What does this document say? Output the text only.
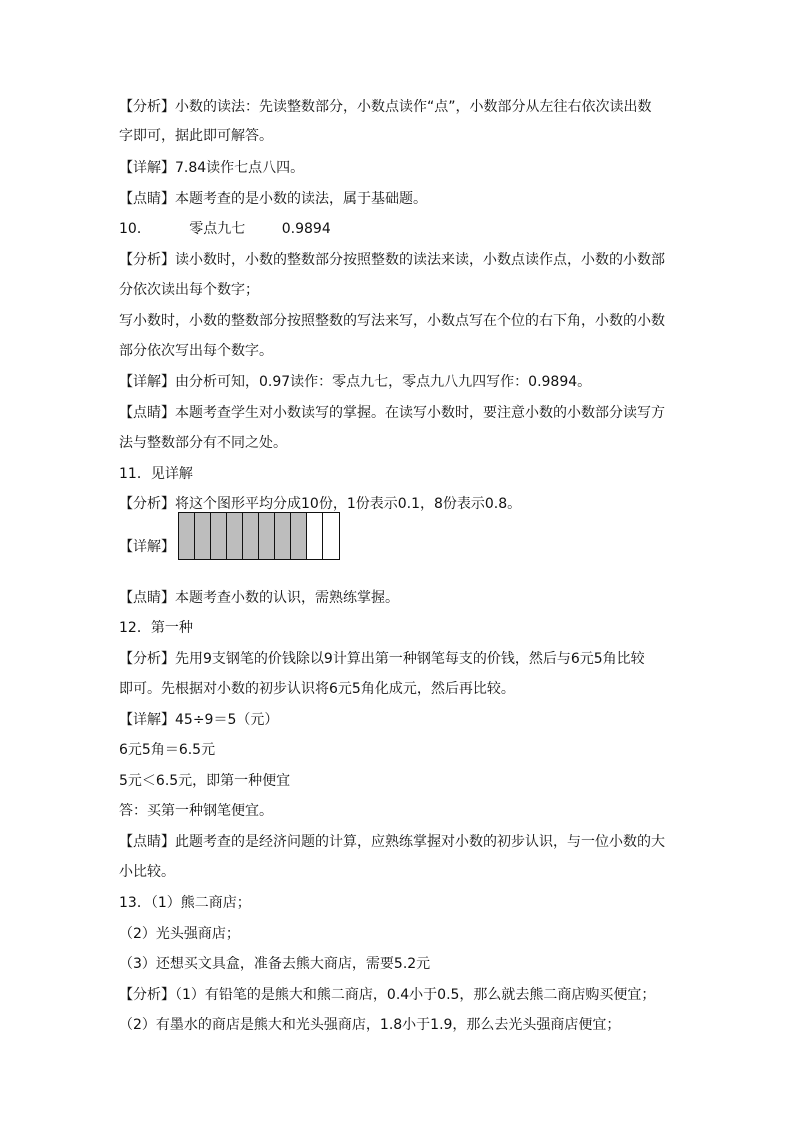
【分析】小数的读法：先读整数部分，小数点读作“点”，小数部分从左往右依次读出数
字即可，据此即可解答。
【详解】7.84读作七点八四。
【点睛】本题考查的是小数的读法，属于基础题。
10．	零点九七	0.9894
【分析】读小数时，小数的整数部分按照整数的读法来读，小数点读作点，小数的小数部
分依次读出每个数字；
写小数时，小数的整数部分按照整数的写法来写，小数点写在个位的右下角，小数的小数
部分依次写出每个数字。
【详解】由分析可知，0.97读作：零点九七，零点九八九四写作：0.9894。
【点睛】本题考查学生对小数读写的掌握。在读写小数时，要注意小数的小数部分读写方
法与整数部分有不同之处。
11．见详解
【分析】将这个图形平均分成10份，1份表示0.1，8份表示0.8。
【详解】
【点睛】本题考查小数的认识，需熟练掌握。
12．第一种
【分析】先用9支钢笔的价钱除以9计算出第一种钢笔每支的价钱，然后与6元5角比较
即可。先根据对小数的初步认识将6元5角化成元，然后再比较。
【详解】45÷9＝5（元）
6元5角＝6.5元
5元＜6.5元，即第一种便宜
答：买第一种钢笔便宜。
【点睛】此题考查的是经济问题的计算，应熟练掌握对小数的初步认识，与一位小数的大
小比较。
13．（1）熊二商店；
（2）光头强商店；
（3）还想买文具盒，准备去熊大商店，需要5.2元
【分析】（1）有铅笔的是熊大和熊二商店，0.4小于0.5，那么就去熊二商店购买便宜；
（2）有墨水的商店是熊大和光头强商店，1.8小于1.9，那么去光头强商店便宜；
